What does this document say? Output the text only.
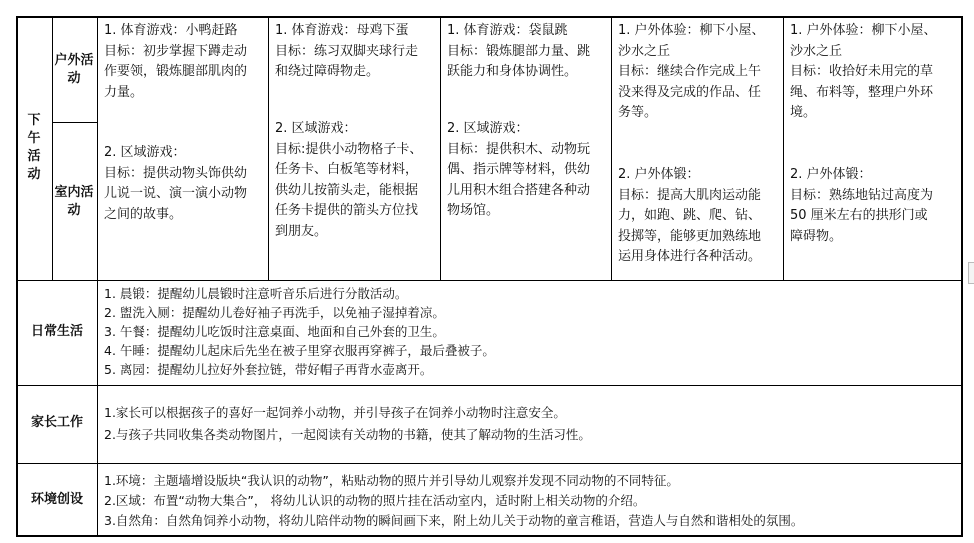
下午活动
户外活动
室内活动
1. 体育游戏：小鸭赶路
目标：初步掌握下蹲走动
作要领，锻炼腿部肌肉的
力量。
2. 区域游戏：
目标：提供动物头饰供幼
儿说一说、演一演小动物
之间的故事。
1. 体育游戏：母鸡下蛋
目标：练习双脚夹球行走
和绕过障碍物走。
2. 区域游戏：
目标:提供小动物格子卡、
任务卡、白板笔等材料，
供幼儿按箭头走，能根据
任务卡提供的箭头方位找
到朋友。
1. 体育游戏：袋鼠跳
目标：锻炼腿部力量、跳
跃能力和身体协调性。
2. 区域游戏：
目标：提供积木、动物玩
偶、指示牌等材料，供幼
儿用积木组合搭建各种动
物场馆。
1. 户外体验：柳下小屋、
沙水之丘
目标：继续合作完成上午
没来得及完成的作品、任
务等。
2. 户外体锻：
目标：提高大肌肉运动能
力，如跑、跳、爬、钻、
投掷等，能够更加熟练地
运用身体进行各种活动。
1. 户外体验：柳下小屋、
沙水之丘
目标：收拾好未用完的草
绳、布料等，整理户外环
境。
2. 户外体锻：
目标：熟练地钻过高度为
50 厘米左右的拱形门或
障碍物。
日常生活
1. 晨锻：提醒幼儿晨锻时注意听音乐后进行分散活动。
2. 盥洗入厕：提醒幼儿卷好袖子再洗手，以免袖子湿掉着凉。
3. 午餐：提醒幼儿吃饭时注意桌面、地面和自己外套的卫生。
4. 午睡：提醒幼儿起床后先坐在被子里穿衣服再穿裤子，最后叠被子。
5. 离园：提醒幼儿拉好外套拉链，带好帽子再背水壶离开。
家长工作
1.家长可以根据孩子的喜好一起饲养小动物，并引导孩子在饲养小动物时注意安全。
2.与孩子共同收集各类动物图片，一起阅读有关动物的书籍，使其了解动物的生活习性。
环境创设
1.环境：主题墙增设版块“我认识的动物”，粘贴动物的照片并引导幼儿观察并发现不同动物的不同特征。
2.区域：布置“动物大集合”， 将幼儿认识的动物的照片挂在活动室内，适时附上相关动物的介绍。
3.自然角：自然角饲养小动物，将幼儿陪伴动物的瞬间画下来，附上幼儿关于动物的童言稚语，营造人与自然和谐相处的氛围。
